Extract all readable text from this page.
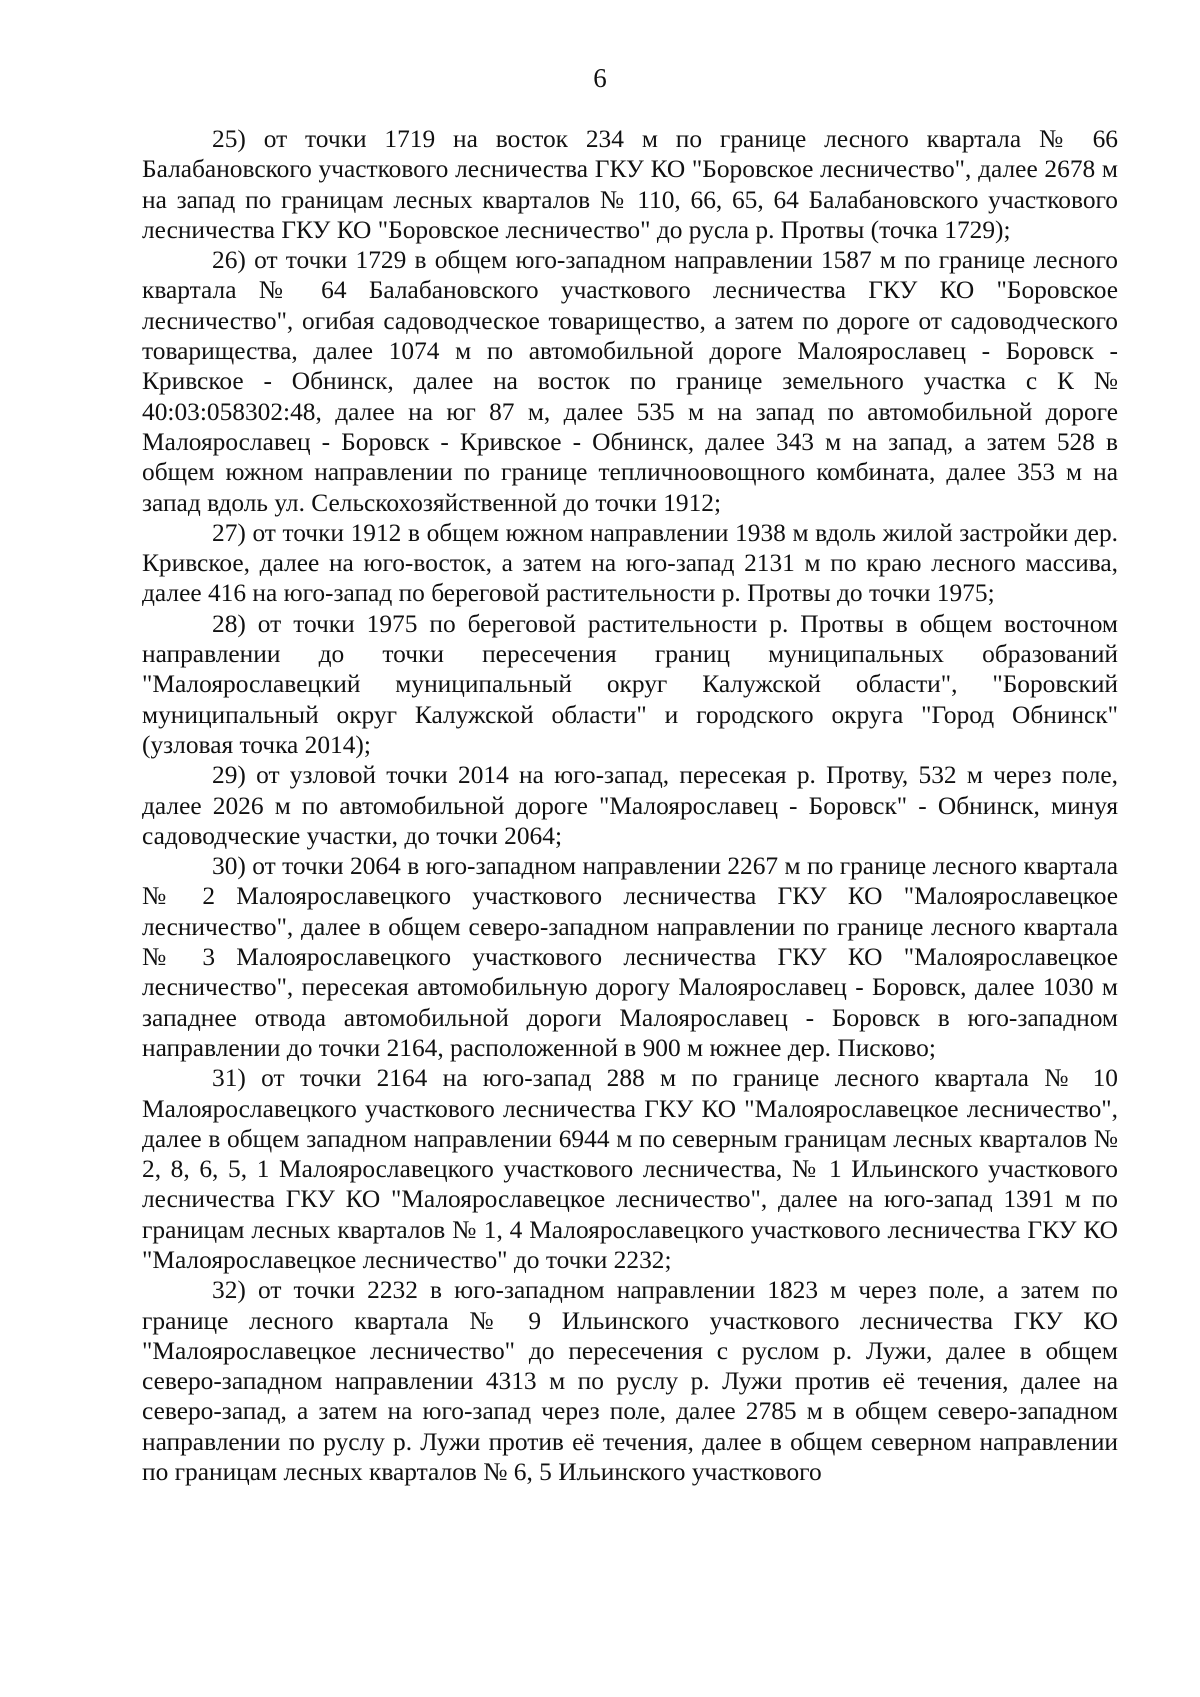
6

25) от точки 1719 на восток 234 м по границе лесного квартала № 66 Балабановского участкового лесничества ГКУ КО "Боровское лесничество", далее 2678 м на запад по границам лесных кварталов № 110, 66, 65, 64 Балабановского участкового лесничества ГКУ КО "Боровское лесничество" до русла р. Протвы (точка 1729);

26) от точки 1729 в общем юго-западном направлении 1587 м по границе лесного квартала № 64 Балабановского участкового лесничества ГКУ КО "Боровское лесничество", огибая садоводческое товарищество, а затем по дороге от садоводческого товарищества, далее 1074 м по автомобильной дороге Малоярославец - Боровск - Кривское - Обнинск, далее на восток по границе земельного участка с К № 40:03:058302:48, далее на юг 87 м, далее 535 м на запад по автомобильной дороге Малоярославец - Боровск - Кривское - Обнинск, далее 343 м на запад, а затем 528 в общем южном направлении по границе тепличноовощного комбината, далее 353 м на запад вдоль ул. Сельскохозяйственной до точки 1912;

27) от точки 1912 в общем южном направлении 1938 м вдоль жилой застройки дер. Кривское, далее на юго-восток, а затем на юго-запад 2131 м по краю лесного массива, далее 416 на юго-запад по береговой растительности р. Протвы до точки 1975;

28) от точки 1975 по береговой растительности р. Протвы в общем восточном направлении до точки пересечения границ муниципальных образований "Малоярославецкий муниципальный округ Калужской области", "Боровский муниципальный округ Калужской области" и городского округа "Город Обнинск" (узловая точка 2014);

29) от узловой точки 2014 на юго-запад, пересекая р. Протву, 532 м через поле, далее 2026 м по автомобильной дороге "Малоярославец - Боровск" - Обнинск, минуя садоводческие участки, до точки 2064;

30) от точки 2064 в юго-западном направлении 2267 м по границе лесного квартала № 2 Малоярославецкого участкового лесничества ГКУ КО "Малоярославецкое лесничество", далее в общем северо-западном направлении по границе лесного квартала № 3 Малоярославецкого участкового лесничества ГКУ КО "Малоярославецкое лесничество", пересекая автомобильную дорогу Малоярославец - Боровск, далее 1030 м западнее отвода автомобильной дороги Малоярославец - Боровск в юго-западном направлении до точки 2164, расположенной в 900 м южнее дер. Писково;

31) от точки 2164 на юго-запад 288 м по границе лесного квартала № 10 Малоярославецкого участкового лесничества ГКУ КО "Малоярославецкое лесничество", далее в общем западном направлении 6944 м по северным границам лесных кварталов № 2, 8, 6, 5, 1 Малоярославецкого участкового лесничества, № 1 Ильинского участкового лесничества ГКУ КО "Малоярославецкое лесничество", далее на юго-запад 1391 м по границам лесных кварталов № 1, 4 Малоярославецкого участкового лесничества ГКУ КО "Малоярославецкое лесничество" до точки 2232;

32) от точки 2232 в юго-западном направлении 1823 м через поле, а затем по границе лесного квартала № 9 Ильинского участкового лесничества ГКУ КО "Малоярославецкое лесничество" до пересечения с руслом р. Лужи, далее в общем северо-западном направлении 4313 м по руслу р. Лужи против её течения, далее на северо-запад, а затем на юго-запад через поле, далее 2785 м в общем северо-западном направлении по руслу р. Лужи против её течения, далее в общем северном направлении по границам лесных кварталов № 6, 5 Ильинского участкового
